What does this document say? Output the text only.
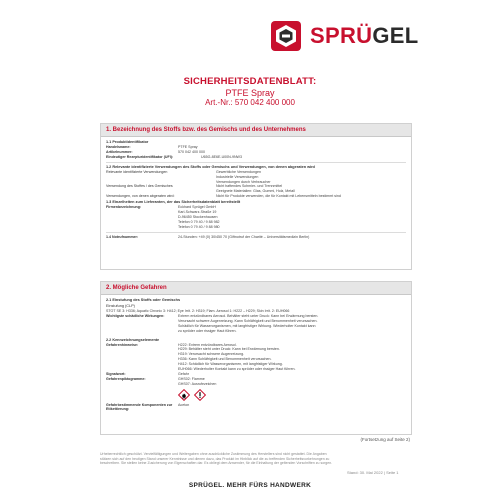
SPRÜGEL
SICHERHEITSDATENBLATT:
PTFE Spray
Art.-Nr.: 570 042 400 000
1. Bezeichnung des Stoffs bzw. des Gemischs und des Unternehmens
1.1 Produktidentifikator
Handelsname:	PTFE Spray
Artikelnummer:	570 042 400 000
Eindeutiger Rezepturidentifikator (UFI):	U65G-8E6E-U00N-9NW3
1.2 Relevante identifizierte Verwendungen des Stoffs oder Gemischs und Verwendungen, von denen abgeraten wird
Relevante identifizierte Verwendungen	Gewerbliche Verwendungen
Industrielle Verwendungen
Verwendungen durch Verbraucher
Verwendung des Stoffes / des Gemisches	Nicht haftendes Schmier- und Trennmittel
Geeignete Materialien: Glas, Gummi, Holz, Metall
Verwendungen, von denen abgeraten wird:	Nicht für Produkte verwenden, die für Kontakt mit Lebensmitteln bestimmt sind
1.3 Einzelheiten zum Lieferanten, der das Sicherheitsdatenblatt bereitstellt
Firmenbezeichnung:	Eckhard Sprügel GmbH
Karl-Schwarz-Straße 19
D-96450 Stockenhausen
Telefon 0 79 40 / 9 88 982
Telefon 0 79 40 / 9 88 980
1.4 Notrufnummer:	24-Stunden: +49 (0) 30/450 70 (Giftnotruf der Charité – Universitätsmedizin Berlin)
2. Mögliche Gefahren
2.1 Einstufung des Stoffs oder Gemischs
Einstufung (CLP)
STOT SE 3: H336; Aquatic Chronic 3: H412; Eye Irrit. 2: H319; Flam. Aerosol 1: H222 – H229; Skin Irrit. 2: EUH066
Wichtigste schädliche Wirkungen:	Extrem entzündbares Aerosol. Behälter steht unter Druck: Kann bei Erwärmung bersten.
Verursacht schwere Augenreizung. Kann Schläfrigkeit und Benommenheit verursachen.
Schädlich für Wasserorganismen, mit langfristiger Wirkung. Wiederholter Kontakt kann
zu spröder oder rissiger Haut führen.
2.2 Kennzeichnungselemente
Gefahrenhinweise:	H222: Extrem entzündbares Aerosol.
H229: Behälter steht unter Druck: Kann bei Erwärmung bersten.
H319: Verursacht schwere Augenreizung.
H336: Kann Schläfrigkeit und Benommenheit verursachen.
H412: Schädlich für Wasserorganismen, mit langfristiger Wirkung.
EUH066: Wiederholter Kontakt kann zu spröder oder rissiger Haut führen.
Signalwort:	Gefahr
Gefahrenpiktogramme:	GHS02: Flamme
GHS07: Ausrufezeichen
Gefahrbestimmende Komponenten zur Etikettierung:
Aceton
(Fortsetzung auf Seite 2)
Urheberrechtlich geschützt. Vervielfältigungen und Weitergaben ohne ausdrückliche Zustimmung des Herstellers sind nicht gestattet. Die Angaben
stützen sich auf den heutigen Stand unserer Kenntnisse und dienen dazu, das Produkt im Hinblick auf die zu treffenden Sicherheitsvorkehrungen zu
beschreiben. Sie stellen keine Zusicherung von Eigenschaften dar. Es obliegt dem Anwender, für die Einhaltung der geltenden Vorschriften zu sorgen.
Stand: 30. Mai 2022 | Seite 1
SPRÜGEL. MEHR FÜRS HANDWERK
